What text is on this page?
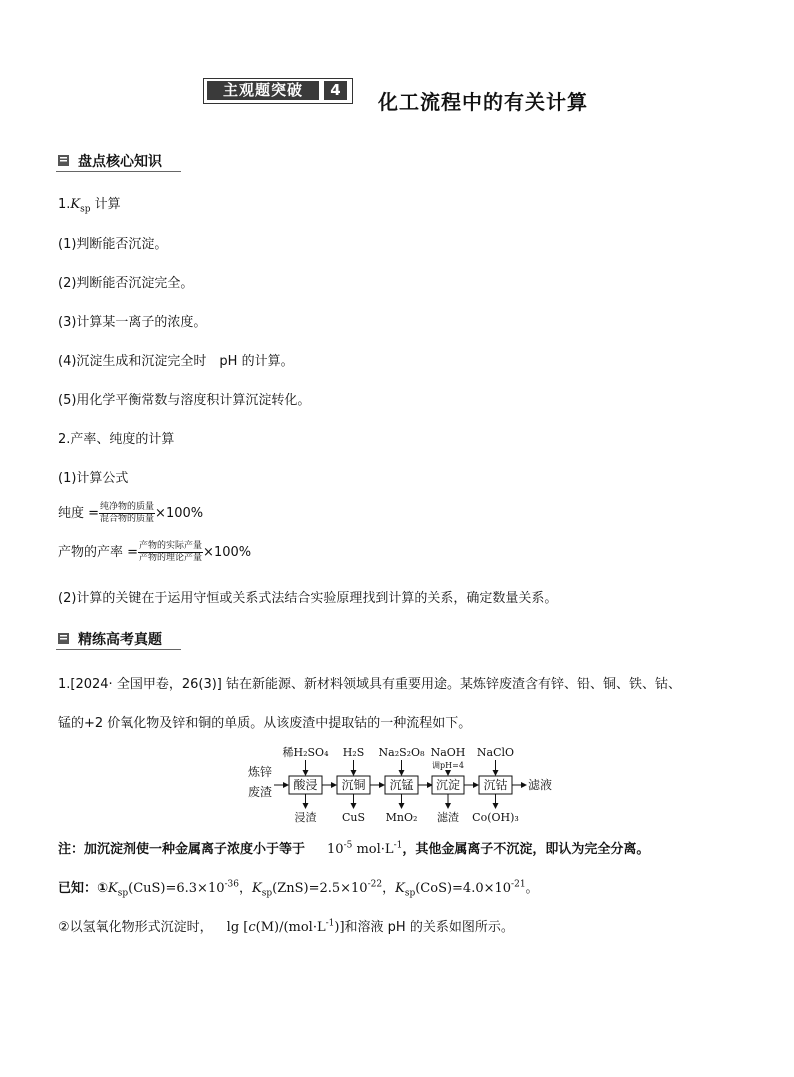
主观题突破	4	化工流程中的有关计算
盘点核心知识
$1.K_{sp}$ 计算
(1)判断能否沉淀。
(2)判断能否沉淀完全。
(3)计算某一离子的浓度。
(4)沉淀生成和沉淀完全时　pH 的计算。
(5)用化学平衡常数与溶度积计算沉淀转化。
2.产率、纯度的计算
(1)计算公式
纯度 = $\frac{\text{纯净物的质量}}{\text{混合物的质量}} \times 100\%$
产物的产率 = $\frac{\text{产物的实际产量}}{\text{产物的理论产量}} \times 100\%$
(2)计算的关键在于运用守恒或关系式法结合实验原理找到计算的关系，确定数量关系。
精练高考真题
1.[2024· 全国甲卷，26(3)] 钴在新能源、新材料领域具有重要用途。某炼锌废渣含有锌、铅、铜、铁、钴、
锰的+2 价氧化物及锌和铜的单质。从该废渣中提取钴的一种流程如下。
炼锌
废渣 酸浸 沉铜 沉锰 沉淀 沉钴 滤液
稀H₂SO₄ H₂S Na₂S₂O₈ NaOH NaClO
调pH=4
浸渣 CuS MnO₂ 滤渣 Co(OH)₃
注：加沉淀剂使一种金属离子浓度小于等于 $10^{-5}$ $mol\cdot L^{-1}$，其他金属离子不沉淀，即认为完全分离。
已知：$①K_{sp}(CuS)=6.3\times 10^{-36}$，$K_{sp}(ZnS)=2.5\times 10^{-22}$，$K_{sp}(CoS)=4.0\times 10^{-21}$。
②以氢氧化物形式沉淀时， $\lg [c(M)/(mol\cdot L^{-1})]$和溶液 pH 的关系如图所示。
